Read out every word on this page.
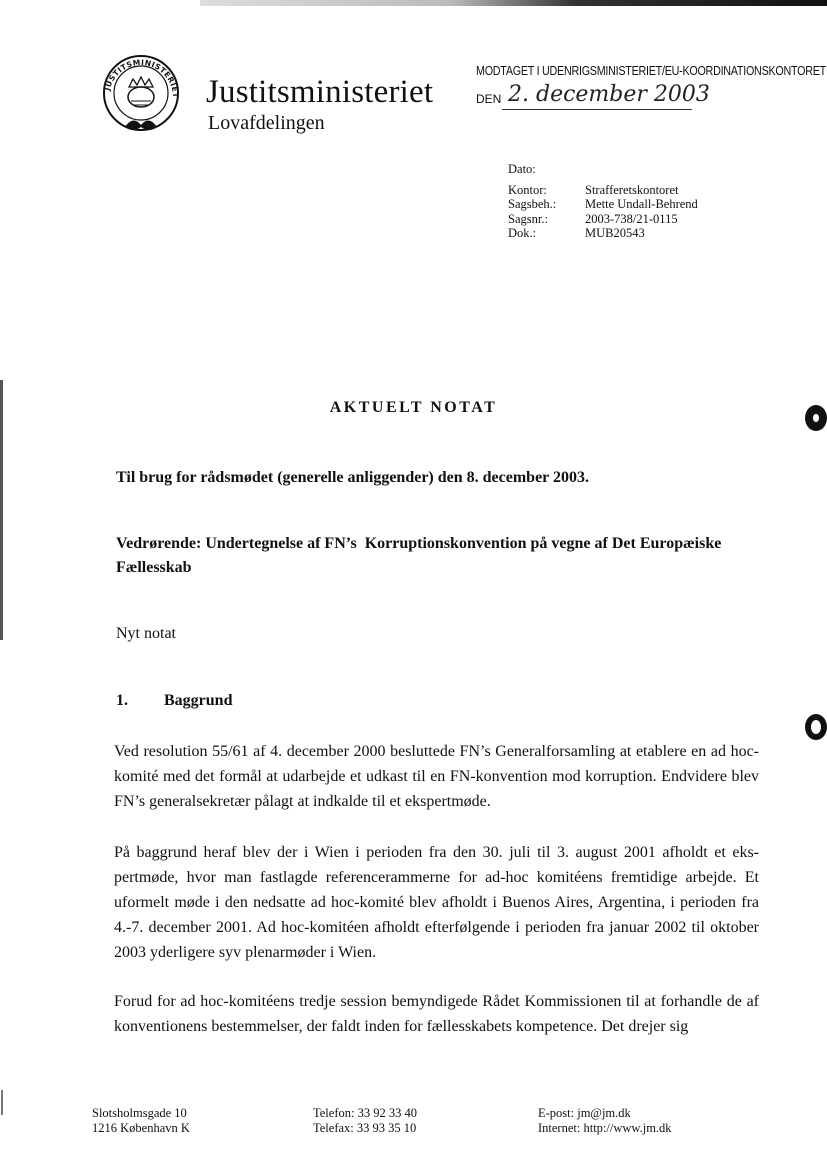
JUSTITSMINISTERIET Justitsministeriet
Lovafdelingen
MODTAGET I UDENRIGSMINISTERIET/EU-KOORDINATIONSKONTORET
DEN 2. december 2003
Dato:	
Kontor:	Strafferetskontoret
Sagsbeh.:	Mette Undall-Behrend
Sagsnr.:	2003-738/21-0115
Dok.:	MUB20543
AKTUELT NOTAT
Til brug for rådsmødet (generelle anliggender) den 8. december 2003.
Vedrørende: Undertegnelse af FN’s  Korruptionskonvention på vegne af Det Europæiske
Fællesskab
Nyt notat
1. Baggrund
Ved resolution 55/61 af 4. december 2000 besluttede FN’s Generalforsamling at etablere en ad hoc-komité med det formål at udarbejde et udkast til en FN-konvention mod korruption. Endvidere blev FN’s generalsekretær pålagt at indkalde til et ekspertmøde.
På baggrund heraf blev der i Wien i perioden fra den 30. juli til 3. august 2001 afholdt et ekspertmøde, hvor man fastlagde referencerammerne for ad-hoc komitéens fremtidige arbejde. Et uformelt møde i den nedsatte ad hoc-komité blev afholdt i Buenos Aires, Argentina, i perioden fra 4.-7. december 2001. Ad hoc-komitéen afholdt efterfølgende i perioden fra januar 2002 til oktober 2003 yderligere syv plenarmøder i Wien.
Forud for ad hoc-komitéens tredje session bemyndigede Rådet Kommissionen til at forhandle de af konventionens bestemmelser, der faldt inden for fællesskabets kompetence. Det drejer sig
Slotsholmsgade 10
1216 København K
Telefon: 33 92 33 40
Telefax: 33 93 35 10
E-post: jm@jm.dk
Internet: http://www.jm.dk
